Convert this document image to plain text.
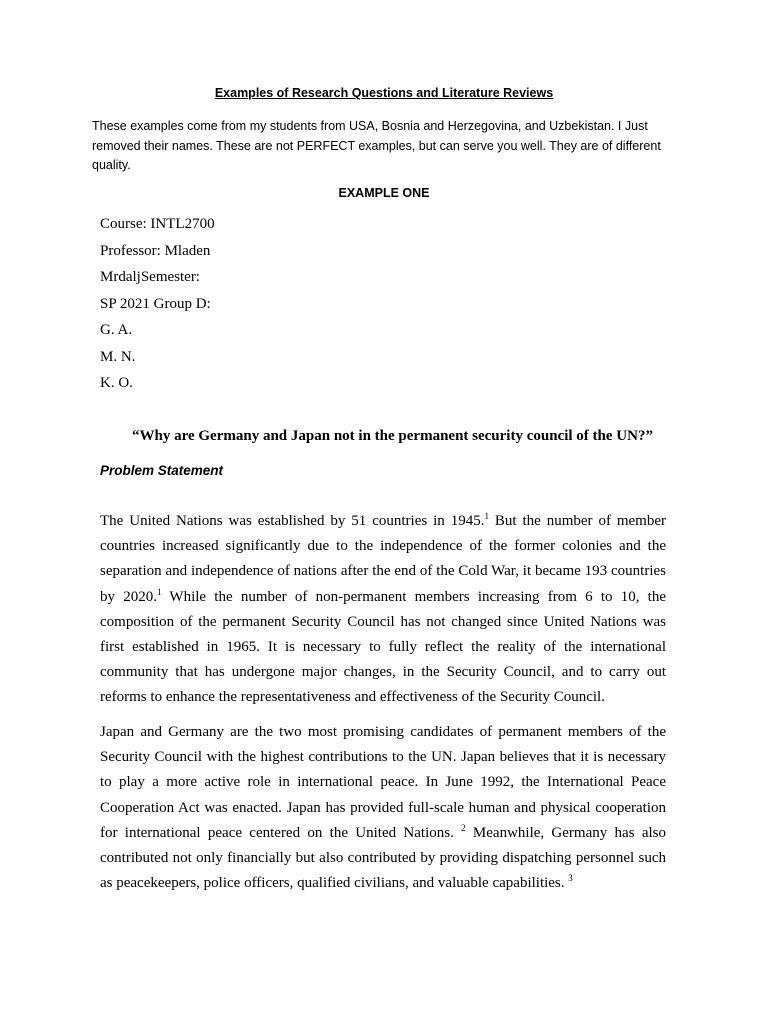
Examples of Research Questions and Literature Reviews
These examples come from my students from USA, Bosnia and Herzegovina, and Uzbekistan. I Just removed their names. These are not PERFECT examples, but can serve you well. They are of different quality.
EXAMPLE ONE
Course: INTL2700
Professor: Mladen
MrdaljSemester:
SP 2021 Group D:
G. A.
M. N.
K. O.
“Why are Germany and Japan not in the permanent security council of the UN?”
Problem Statement

The United Nations was established by 51 countries in 1945.$^1$ But the number of member countries increased significantly due to the independence of the former colonies and the separation and independence of nations after the end of the Cold War, it became 193 countries by 2020.$^1$ While the number of non-permanent members increasing from 6 to 10, the composition of the permanent Security Council has not changed since United Nations was first established in 1965. It is necessary to fully reflect the reality of the international community that has undergone major changes, in the Security Council, and to carry out reforms to enhance the representativeness and effectiveness of the Security Council.

Japan and Germany are the two most promising candidates of permanent members of the Security Council with the highest contributions to the UN. Japan believes that it is necessary to play a more active role in international peace. In June 1992, the International Peace Cooperation Act was enacted. Japan has provided full-scale human and physical cooperation for international peace centered on the United Nations. $^2$ Meanwhile, Germany has also contributed not only financially but also contributed by providing dispatching personnel such as peacekeepers, police officers, qualified civilians, and valuable capabilities. $^3$
